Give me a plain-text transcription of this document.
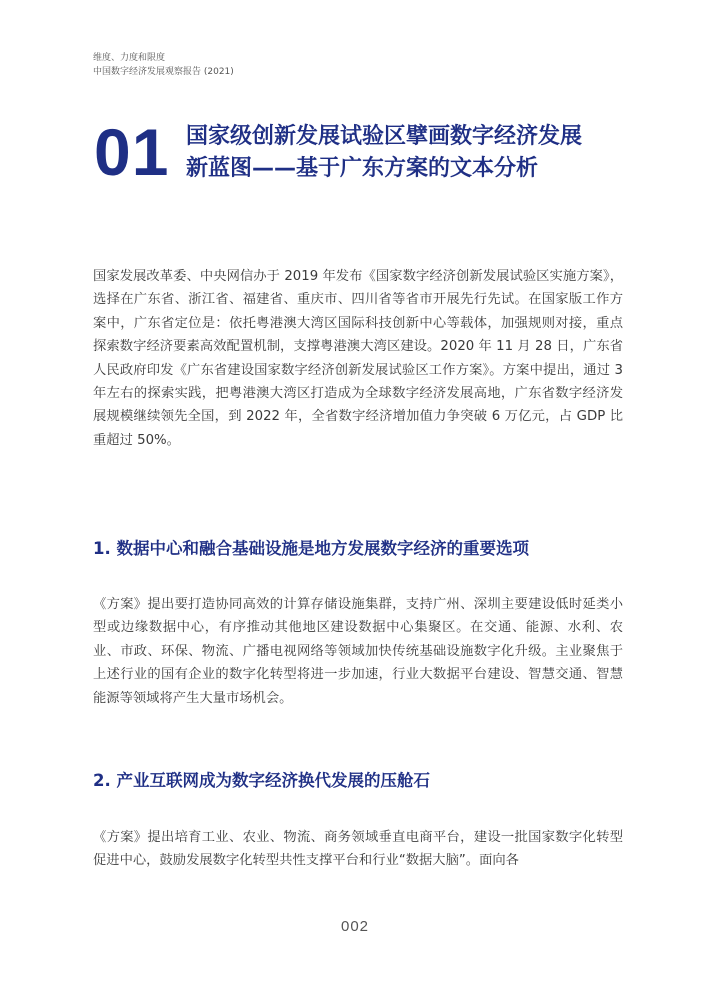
维度、力度和限度
中国数字经济发展观察报告 (2021)
01 国家级创新发展试验区擘画数字经济发展
新蓝图——基于广东方案的文本分析

国家发展改革委、中央网信办于 2019 年发布《国家数字经济创新发展试验区实施方案》，选择在广东省、浙江省、福建省、重庆市、四川省等省市开展先行先试。在国家版工作方案中，广东省定位是：依托粤港澳大湾区国际科技创新中心等载体，加强规则对接，重点探索数字经济要素高效配置机制，支撑粤港澳大湾区建设。2020 年 11 月 28 日，广东省人民政府印发《广东省建设国家数字经济创新发展试验区工作方案》。方案中提出，通过 3 年左右的探索实践，把粤港澳大湾区打造成为全球数字经济发展高地，广东省数字经济发展规模继续领先全国，到 2022 年，全省数字经济增加值力争突破 6 万亿元，占 GDP 比重超过 50%。

1. 数据中心和融合基础设施是地方发展数字经济的重要选项

《方案》提出要打造协同高效的计算存储设施集群，支持广州、深圳主要建设低时延类小型或边缘数据中心，有序推动其他地区建设数据中心集聚区。在交通、能源、水利、农业、市政、环保、物流、广播电视网络等领域加快传统基础设施数字化升级。主业聚焦于上述行业的国有企业的数字化转型将进一步加速，行业大数据平台建设、智慧交通、智慧能源等领域将产生大量市场机会。

2. 产业互联网成为数字经济换代发展的压舱石

《方案》提出培育工业、农业、物流、商务领域垂直电商平台，建设一批国家数字化转型促进中心，鼓励发展数字化转型共性支撑平台和行业“数据大脑”。面向各

002
